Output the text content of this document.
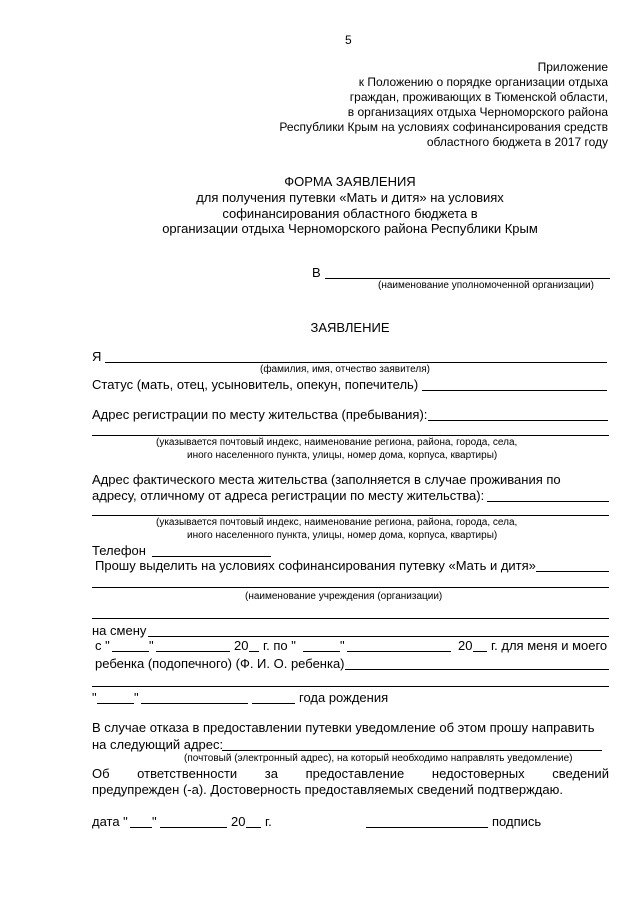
5
Приложение
к Положению о порядке организации отдыха
граждан, проживающих в Тюменской области,
в организациях отдыха Черноморского района
Республики Крым на условиях софинансирования средств
областного бюджета в 2017 году
ФОРМА ЗАЯВЛЕНИЯ
для получения путевки «Мать и дитя» на условиях
софинансирования областного бюджета в
организации отдыха Черноморского района Республики Крым
В
(наименование уполномоченной организации)
ЗАЯВЛЕНИЕ
Я
(фамилия, имя, отчество заявителя)
Статус (мать, отец, усыновитель, опекун, попечитель)
Адрес регистрации по месту жительства (пребывания):
(указывается почтовый индекс, наименование региона, района, города, села,
иного населенного пункта, улицы, номер дома, корпуса, квартиры)
Адрес фактического места жительства (заполняется в случае проживания по
адресу, отличному от адреса регистрации по месту жительства):
(указывается почтовый индекс, наименование региона, района, города, села,
иного населенного пункта, улицы, номер дома, корпуса, квартиры)
Телефон
Прошу выделить на условиях софинансирования путевку «Мать и дитя»
(наименование учреждения (организации)
на смену
с "	"	20 г. по "	"	20 г. для меня и моего
ребенка (подопечного) (Ф. И. О. ребенка)
"	"	года рождения
В случае отказа в предоставлении путевки уведомление об этом прошу направить
на следующий адрес:
(почтовый (электронный адрес), на который необходимо направлять уведомление)
Об ответственности за предоставление недостоверных сведений
предупрежден (-а). Достоверность предоставляемых сведений подтверждаю.
дата " "	20 г.	подпись
